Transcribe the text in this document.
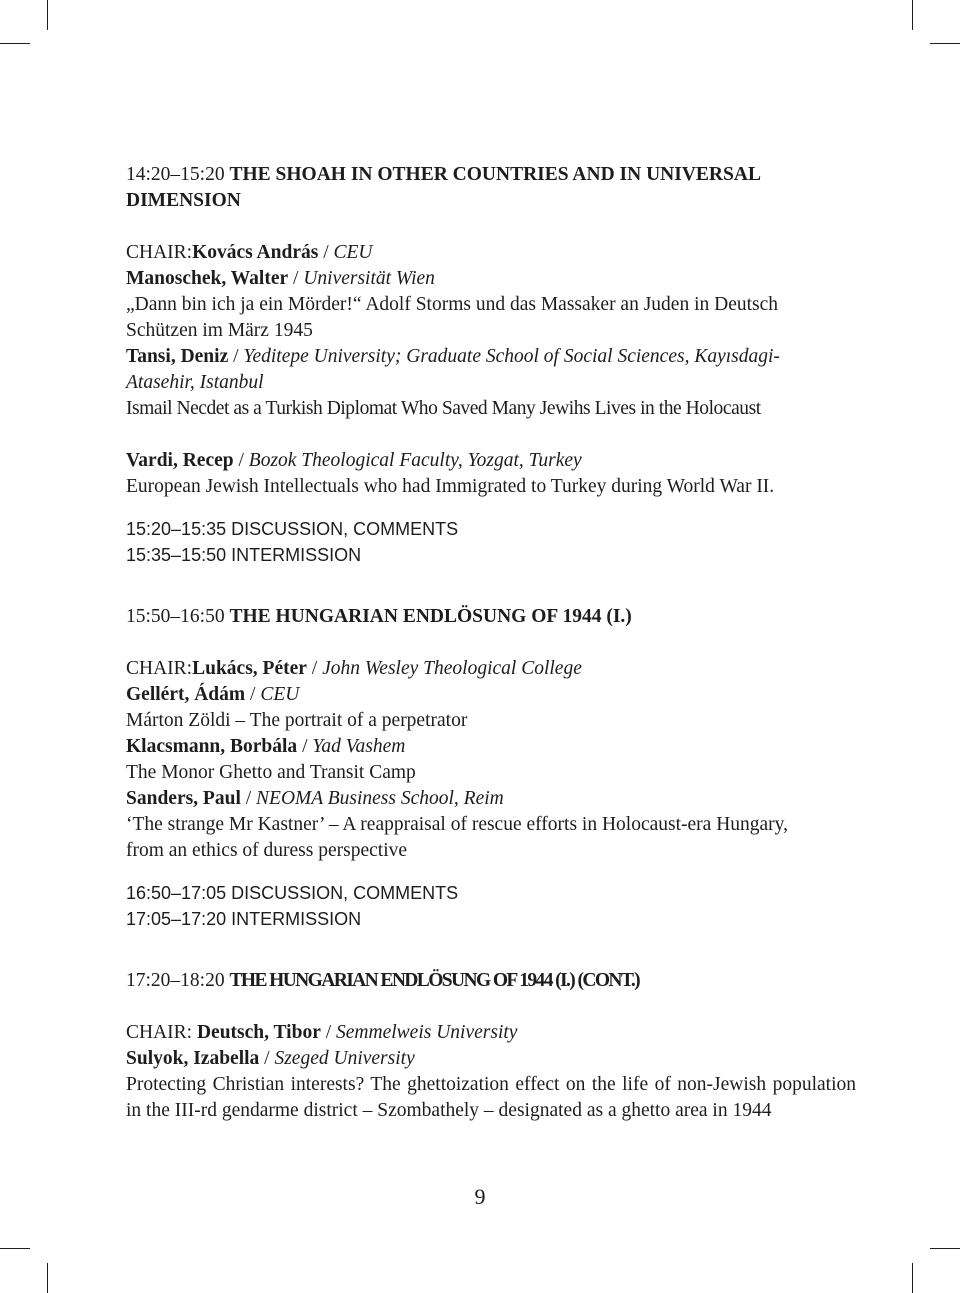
14:20–15:20 THE SHOAH IN OTHER COUNTRIES AND IN UNIVERSAL

DIMENSION

CHAIR:Kovács András / CEU

Manoschek, Walter / Universität Wien

„Dann bin ich ja ein Mörder!“ Adolf Storms und das Massaker an Juden in Deutsch

Schützen im März 1945

Tansi, Deniz / Yeditepe University; Graduate School of Social Sciences, Kayısdagi-

Atasehir, Istanbul

Ismail Necdet as a Turkish Diplomat Who Saved Many Jewihs Lives in the Holocaust

Vardi, Recep / Bozok Theological Faculty, Yozgat, Turkey

European Jewish Intellectuals who had Immigrated to Turkey during World War II.

15:20–15:35 DISCUSSION, COMMENTS

15:35–15:50 INTERMISSION

15:50–16:50 THE HUNGARIAN ENDLÖSUNG OF 1944 (I.)

CHAIR:Lukács, Péter / John Wesley Theological College

Gellért, Ádám / CEU

Márton Zöldi – The portrait of a perpetrator

Klacsmann, Borbála / Yad Vashem

The Monor Ghetto and Transit Camp

Sanders, Paul / NEOMA Business School, Reim

‘The strange Mr Kastner’ – A reappraisal of rescue efforts in Holocaust-era Hungary,

from an ethics of duress perspective

16:50–17:05 DISCUSSION, COMMENTS

17:05–17:20 INTERMISSION

17:20–18:20 THE HUNGARIAN ENDLÖSUNG OF 1944 (I.) (CONT.)

CHAIR: Deutsch, Tibor / Semmelweis University

Sulyok, Izabella / Szeged University

Protecting Christian interests? The ghettoization effect on the life of non-Jewish population in the III-rd gendarme district – Szombathely – designated as a ghetto area in 1944

9
